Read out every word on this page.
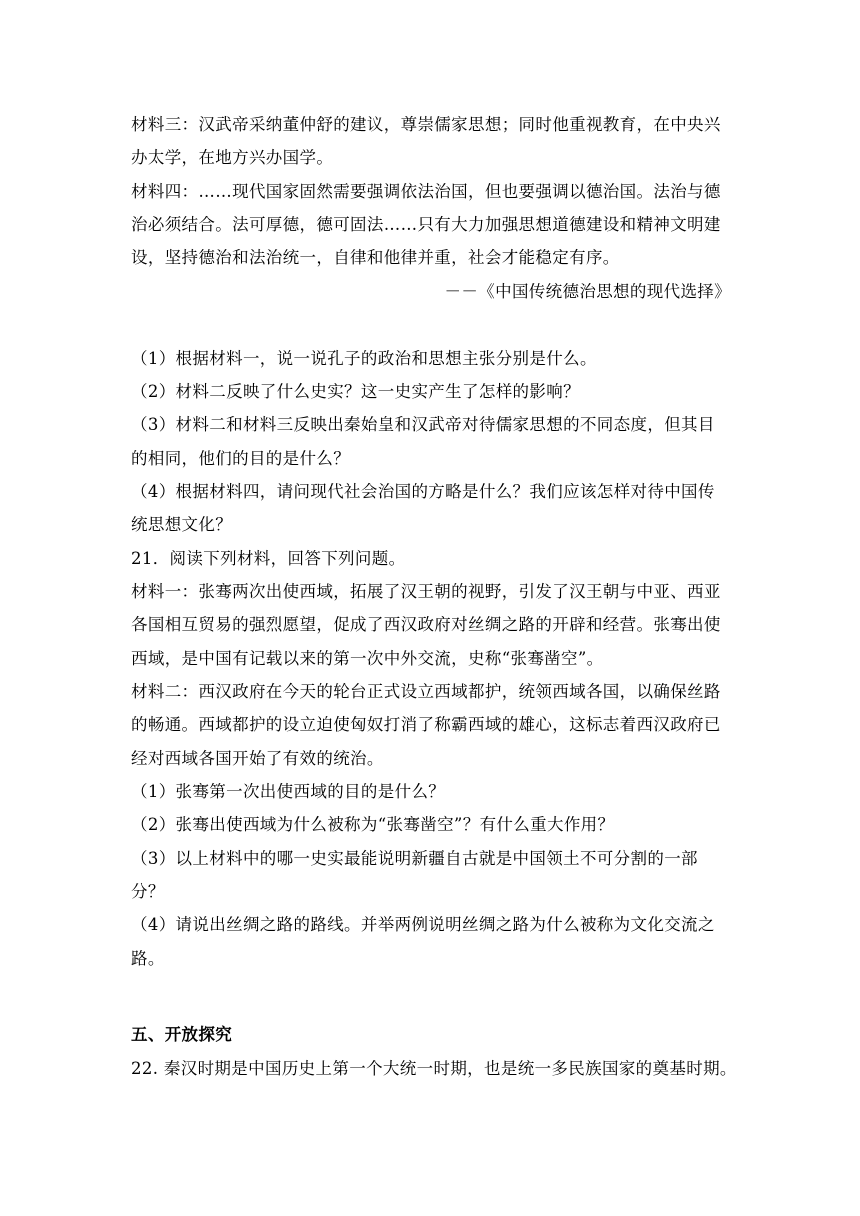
材料三：汉武帝采纳董仲舒的建议，尊崇儒家思想；同时他重视教育，在中央兴
办太学，在地方兴办国学。
材料四：……现代国家固然需要强调依法治国，但也要强调以德治国。法治与德
治必须结合。法可厚德，德可固法……只有大力加强思想道德建设和精神文明建
设，坚持德治和法治统一，自律和他律并重，社会才能稳定有序。
－－《中国传统德治思想的现代选择》
（1）根据材料一，说一说孔子的政治和思想主张分别是什么。
（2）材料二反映了什么史实？这一史实产生了怎样的影响？
（3）材料二和材料三反映出秦始皇和汉武帝对待儒家思想的不同态度，但其目
的相同，他们的目的是什么？
（4）根据材料四，请问现代社会治国的方略是什么？我们应该怎样对待中国传
统思想文化？
21．阅读下列材料，回答下列问题。
材料一：张骞两次出使西域，拓展了汉王朝的视野，引发了汉王朝与中亚、西亚
各国相互贸易的强烈愿望，促成了西汉政府对丝绸之路的开辟和经营。张骞出使
西域，是中国有记载以来的第一次中外交流，史称“张骞凿空”。
材料二：西汉政府在今天的轮台正式设立西域都护，统领西域各国，以确保丝路
的畅通。西域都护的设立迫使匈奴打消了称霸西域的雄心，这标志着西汉政府已
经对西域各国开始了有效的统治。
（1）张骞第一次出使西域的目的是什么？
（2）张骞出使西域为什么被称为“张骞凿空”？有什么重大作用？
（3）以上材料中的哪一史实最能说明新疆自古就是中国领土不可分割的一部
分？
（4）请说出丝绸之路的路线。并举两例说明丝绸之路为什么被称为文化交流之
路。
五、开放探究
22. 秦汉时期是中国历史上第一个大统一时期，也是统一多民族国家的奠基时期。
